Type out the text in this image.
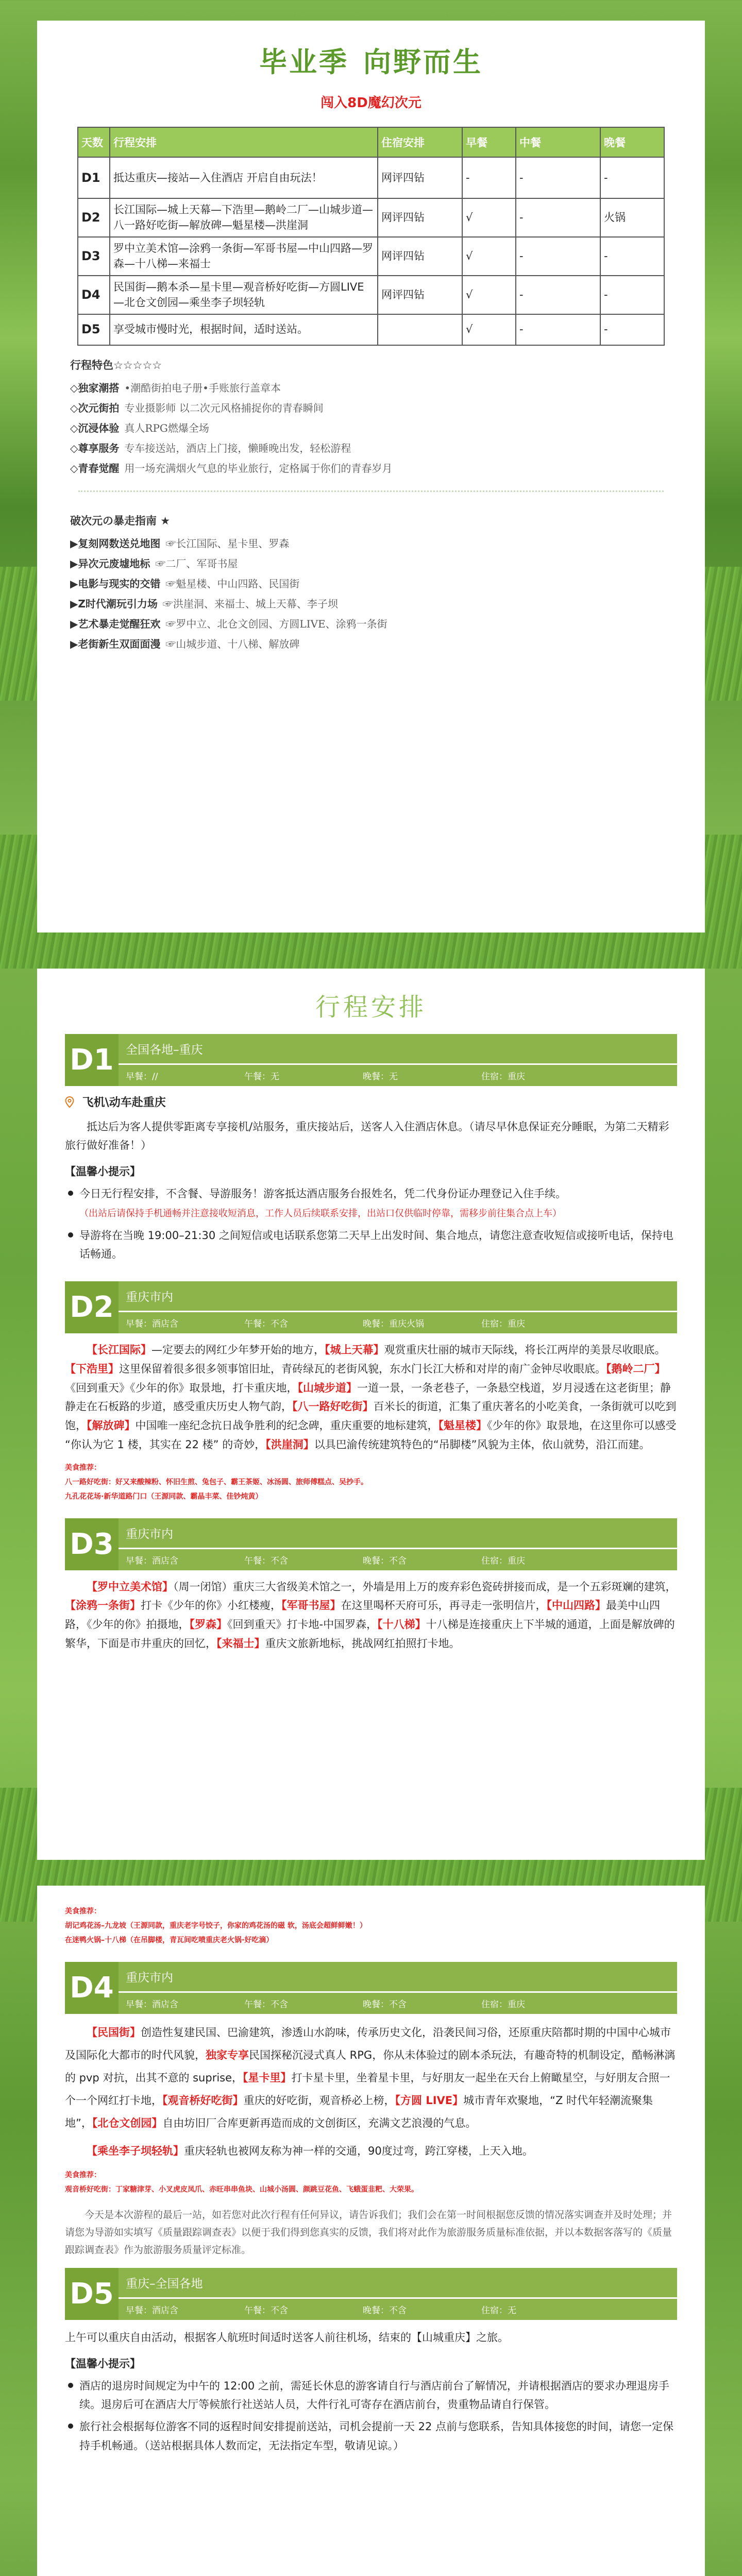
毕业季 向野而生
闯入8D魔幻次元
天数	行程安排	住宿安排	早餐	中餐	晚餐
D1	抵达重庆—接站—入住酒店 开启自由玩法！	网评四钻	-	-	-
D2	长江国际—城上天幕—下浩里—鹅岭二厂—山城步道—八一路好吃街—解放碑—魁星楼—洪崖洞	网评四钻	√	-	火锅
D3	罗中立美术馆—涂鸦一条街—军哥书屋—中山四路—罗森—十八梯—来福士	网评四钻	√	-	-
D4	民国街—鹅本杀—星卡里—观音桥好吃街—方圆LIVE—北仓文创园—乘坐李子坝轻轨	网评四钻	√	-	-
D5	享受城市慢时光，根据时间，适时送站。		√	-	-
行程特色☆☆☆☆☆
◇独家潮搭 •潮酷街拍电子册•手账旅行盖章本
◇次元街拍 专业摄影师 以二次元风格捕捉你的青春瞬间
◇沉浸体验 真人RPG燃爆全场
◇尊享服务 专车接送站，酒店上门接，懒睡晚出发，轻松游程
◇青春觉醒 用一场充满烟火气息的毕业旅行，定格属于你们的青春岁月
破次元の暴走指南 ★
▶复刻网数送兑地图 ☞长江国际、星卡里、罗森
▶异次元废墟地标 ☞二厂、军哥书屋
▶电影与现实的交错 ☞魁星楼、中山四路、民国街
▶Z时代潮玩引力场 ☞洪崖洞、来福士、城上天幕、李子坝
▶艺术暴走觉醒狂欢 ☞罗中立、北仓文创园、方圆LIVE、涂鸦一条街
▶老街新生双面面漫 ☞山城步道、十八梯、解放碑
行程安排
D1	全国各地–重庆
早餐：//	午餐：无	晚餐：无	住宿：重庆
飞机\动车赴重庆

抵达后为客人提供零距离专享接机/站服务，重庆接站后，送客人入住酒店休息。（请尽早休息保证充分睡眠，为第二天精彩旅行做好准备！）

【温馨小提示】
今日无行程安排，不含餐、导游服务！游客抵达酒店服务台报姓名，凭二代身份证办理登记入住手续。
（出站后请保持手机通畅并注意接收短消息，工作人员后续联系安排，出站口仅供临时停靠，需移步前往集合点上车）
导游将在当晚 19:00–21:30 之间短信或电话联系您第二天早上出发时间、集合地点，请您注意查收短信或接听电话，保持电话畅通。
D2	重庆市内
早餐：酒店含	午餐：不含	晚餐：重庆火锅	住宿：重庆

【长江国际】—定要去的网红少年梦开始的地方，【城上天幕】观赏重庆壮丽的城市天际线，将长江两岸的美景尽收眼底。【下浩里】这里保留着很多很多领事馆旧址，青砖绿瓦的老街风貌，东水门长江大桥和对岸的南广金钟尽收眼底。【鹅岭二厂】《回到重天》《少年的你》取景地，打卡重庆地，【山城步道】一道一景，一条老巷子，一条悬空栈道，岁月浸透在这老街里；静静走在石板路的步道，感受重庆历史人物气韵，【八一路好吃街】百米长的街道，汇集了重庆著名的小吃美食，一条街就可以吃到饱，【解放碑】中国唯一座纪念抗日战争胜利的纪念碑，重庆重要的地标建筑，【魁星楼】《少年的你》取景地，在这里你可以感受 “你认为它 1 楼，其实在 22 楼” 的奇妙，【洪崖洞】以具巴渝传统建筑特色的“吊脚楼”风貌为主体，依山就势，沿江而建。

美食推荐：
八一路好吃街：好又来酸辣粉、怀旧生煎、兔包子、霸王茶姬、冰汤圆、旅师傅糕点、吴抄手。
九孔花花场·新华道路门口（王源同款、霸晶丰菜、佳钞炖黄）
D3	重庆市内
早餐：酒店含	午餐：不含	晚餐：不含	住宿：重庆

【罗中立美术馆】（周一闭馆）重庆三大省级美术馆之一，外墙是用上万的废弃彩色瓷砖拼接而成，是一个五彩斑斓的建筑，【涂鸦一条街】打卡《少年的你》小红楼瘦，【军哥书屋】在这里喝杯天府可乐，再寻走一张明信片，【中山四路】最美中山四路，《少年的你》拍摄地，【罗森】《回到重天》打卡地-中国罗森，【十八梯】十八梯是连接重庆上下半城的通道，上面是解放碑的繁华，下面是市井重庆的回忆，【来福士】重庆文旅新地标，挑战网红拍照打卡地。

美食推荐：
胡记鸡花汤–九龙坡（王源同款，重庆老字号饺子，你家的鸡花汤的磁 软，汤底会超鲜鲜嫩！）
在迷鸭火锅–十八梯（在吊脚楼，青瓦间吃喷重庆老火锅·好吃滴）
D4	重庆市内
早餐：酒店含	午餐：不含	晚餐：不含	住宿：重庆

【民国街】创造性复建民国、巴渝建筑，渗透山水韵味，传承历史文化，沿袭民间习俗，还原重庆陪都时期的中国中心城市及国际化大都市的时代风貌，独家专享民国探秘沉浸式真人 RPG，你从未体验过的剧本杀玩法，有趣奇特的机制设定，酷畅淋漓的 pvp 对抗，出其不意的 suprise，【星卡里】打卡星卡里，坐着星卡里，与好朋友一起坐在天台上俯瞰星空，与好朋友合照一个一个网红打卡地，【观音桥好吃街】重庆的好吃街，观音桥必上榜，【方圆 LIVE】城市青年欢聚地，“Z 时代年轻潮流聚集地”，【北仓文创园】自由坊旧厂合库更新再造而成的文创街区，充满文艺浪漫的气息。

【乘坐李子坝轻轨】重庆轻轨也被网友称为神一样的交通，90度过弯，跨江穿楼，上天入地。

美食推荐：
观音桥好吃街：丁家糖津芽、小叉虎皮凤爪、赤旺串串鱼块、山城小汤圆、颜跳豆花鱼、飞蛾蛋韭粑、大荣果。
今天是本次游程的最后一站，如若您对此次行程有任何异议，请告诉我们；我们会在第一时间根据您反馈的情况落实调查并及时处理；并请您为导游如实填写《质量跟踪调查表》以便于我们得到您真实的反馈，我们将对此作为旅游服务质量标准依据，并以本数据客落写的《质量跟踪调查表》作为旅游服务质量评定标准。
D5	重庆–全国各地
早餐：酒店含	午餐：不含	晚餐：不含	住宿：无

上午可以重庆自由活动，根据客人航班时间适时送客人前往机场，结束的【山城重庆】之旅。

【温馨小提示】
酒店的退房时间规定为中午的 12:00 之前，需延长休息的游客请自行与酒店前台了解情况，并请根据酒店的要求办理退房手续。退房后可在酒店大厅等候旅行社送站人员，大件行礼可寄存在酒店前台，贵重物品请自行保管。
旅行社会根据每位游客不同的返程时间安排提前送站，司机会提前一天 22 点前与您联系，告知具体接您的时间，请您一定保持手机畅通。（送站根据具体人数而定，无法指定车型，敬请见谅。）
